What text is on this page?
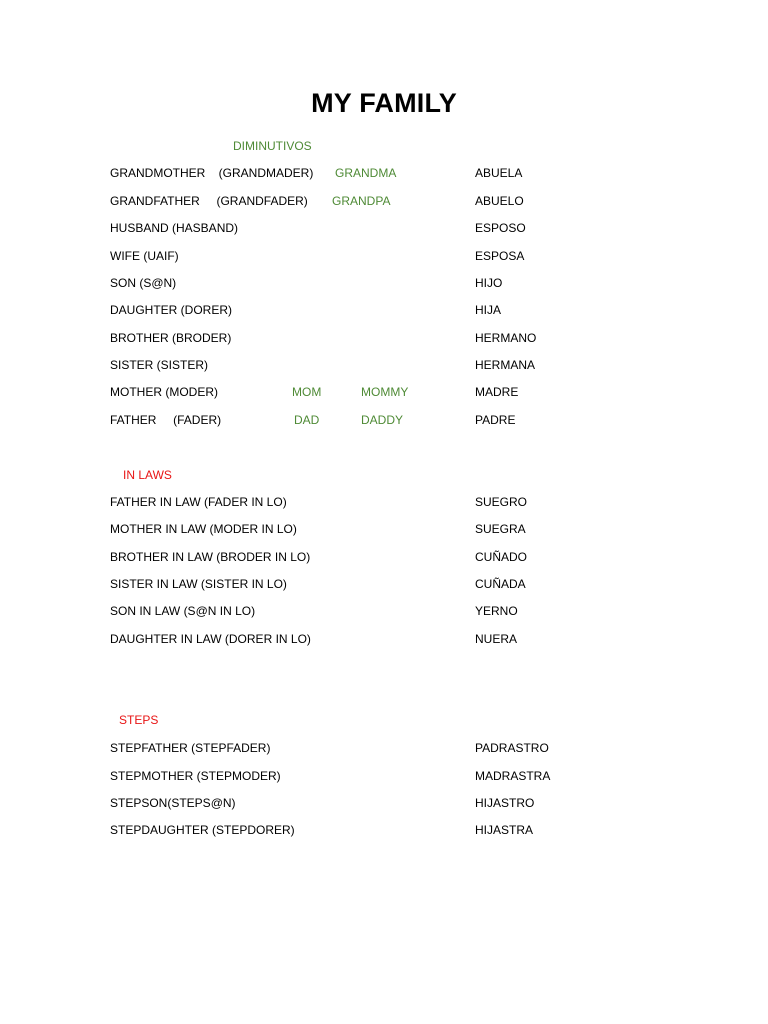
MY FAMILY
DIMINUTIVOS
GRANDMOTHER    (GRANDMADER) GRANDMA	ABUELA
GRANDFATHER     (GRANDFADER) GRANDPA	ABUELO
HUSBAND (HASBAND)	ESPOSO
WIFE (UAIF)	ESPOSA
SON (S@N)	HIJO
DAUGHTER (DORER)	HIJA
BROTHER (BRODER)	HERMANO
SISTER (SISTER)	HERMANA
MOTHER (MODER)	MOM	MOMMY	MADRE
FATHER     (FADER)	DAD	DADDY	PADRE
IN LAWS
FATHER IN LAW (FADER IN LO)	SUEGRO
MOTHER IN LAW (MODER IN LO)	SUEGRA
BROTHER IN LAW (BRODER IN LO)	CUÑADO
SISTER IN LAW (SISTER IN LO)	CUÑADA
SON IN LAW (S@N IN LO)	YERNO
DAUGHTER IN LAW (DORER IN LO)	NUERA
STEPS
STEPFATHER (STEPFADER)	PADRASTRO
STEPMOTHER (STEPMODER)	MADRASTRA
STEPSON(STEPS@N)	HIJASTRO
STEPDAUGHTER (STEPDORER)	HIJASTRA
